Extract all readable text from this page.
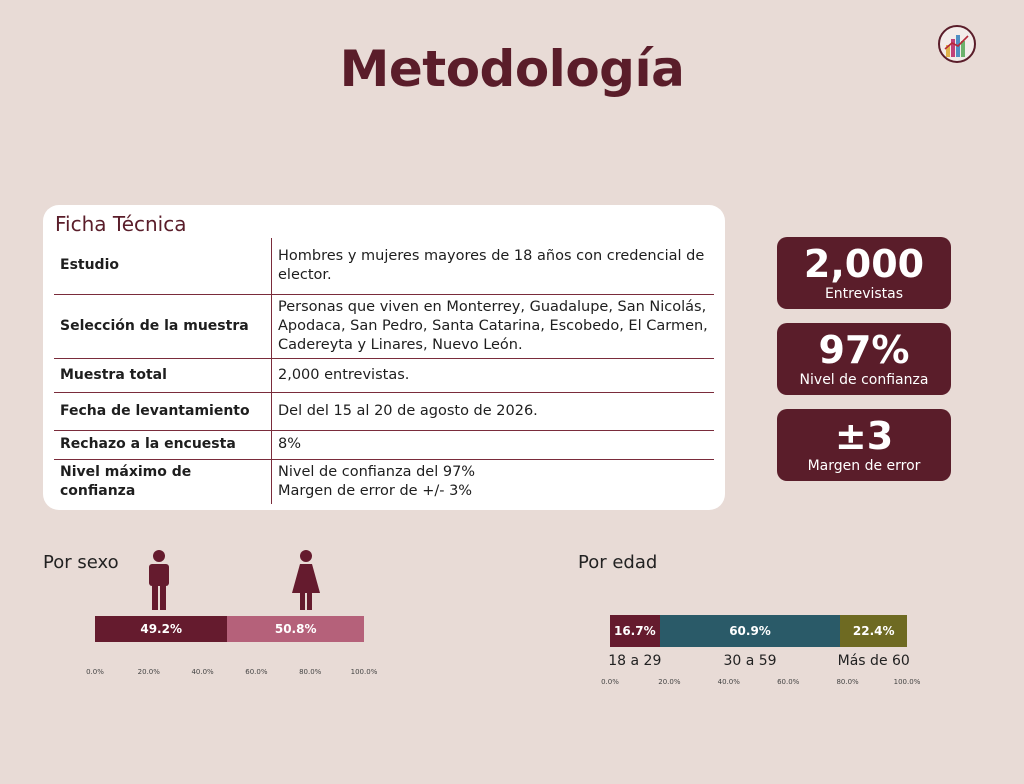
Metodología
Ficha Técnica
Estudio	Hombres y mujeres mayores de 18 años con credencial de elector.
Selección de la muestra	Personas que viven en Monterrey, Guadalupe, San Nicolás, Apodaca, San Pedro, Santa Catarina, Escobedo, El Carmen, Cadereyta y Linares, Nuevo León.
Muestra total	2,000 entrevistas.
Fecha de levantamiento	Del del 15 al 20 de agosto de 2026.
Rechazo a la encuesta	8%
Nivel máximo de confianza	Nivel de confianza del 97%
Margen de error de +/- 3%
2,000
Entrevistas
97%
Nivel de confianza
±3
Margen de error
Por sexo
49.2%	50.8%
0.0%	20.0%	40.0%	60.0%	80.0%	100.0%
Por edad
16.7%	60.9%	22.4%
18 a 29	30 a 59	Más de 60
0.0%	20.0%	40.0%	60.0%	80.0%	100.0%
